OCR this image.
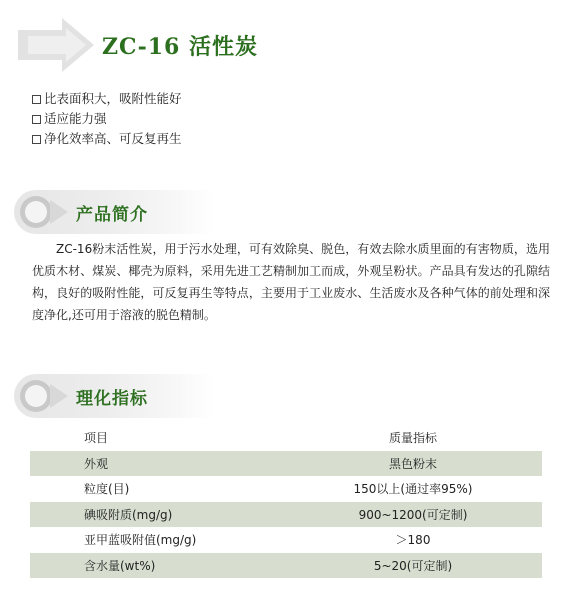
ZC-16 活性炭
比表面积大，吸附性能好
适应能力强
净化效率高、可反复再生
产品简介

ZC-16粉末活性炭，用于污水处理，可有效除臭、脱色，有效去除水质里面的有害物质，选用优质木材、煤炭、椰壳为原料，采用先进工艺精制加工而成，外观呈粉状。产品具有发达的孔隙结构，良好的吸附性能，可反复再生等特点，主要用于工业废水、生活废水及各种气体的前处理和深度净化,还可用于溶液的脱色精制。

理化指标
项目	质量指标
外观	黑色粉末
粒度(目)	150以上(通过率95%)
碘吸附质(mg/g)	900~1200(可定制)
亚甲蓝吸附值(mg/g)	＞180
含水量(wt%)	5~20(可定制)
